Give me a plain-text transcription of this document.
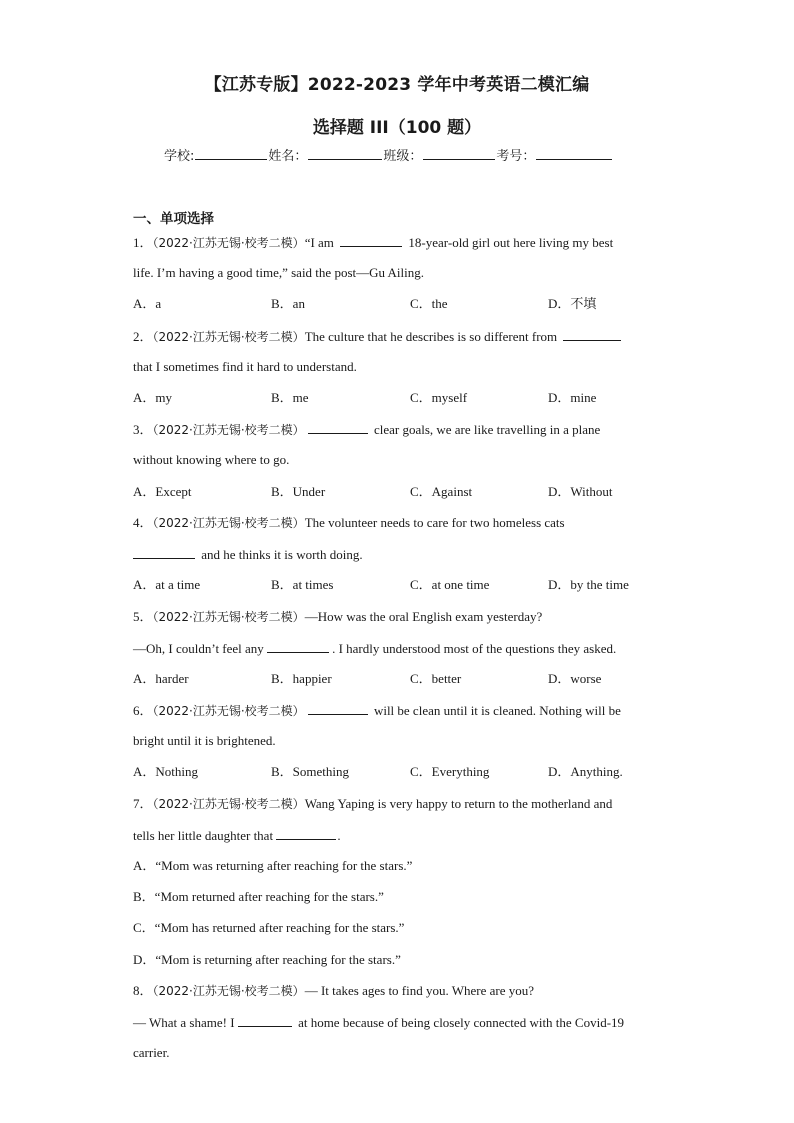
【江苏专版】2022-2023 学年中考英语二模汇编
选择题 III（100 题）
学校:	姓名：	班级：	考号：
一、单项选择
1．（2022·江苏无锡·校考二模）“I am	18-year-old girl out here living my best
life. I’m having a good time,” said the post—Gu Ailing.
A．a	B．an	C．the	D．不填
2．（2022·江苏无锡·校考二模）The culture that he describes is so different from
that I sometimes find it hard to understand.
A．my	B．me	C．myself	D．mine
3．（2022·江苏无锡·校考二模）	clear goals, we are like travelling in a plane
without knowing where to go.
A．Except	B．Under	C．Against	D．Without
4．（2022·江苏无锡·校考二模）The volunteer needs to care for two homeless cats
and he thinks it is worth doing.
A．at a time	B．at times	C．at one time	D．by the time
5．（2022·江苏无锡·校考二模）—How was the oral English exam yesterday?
—Oh, I couldn’t feel any	. I hardly understood most of the questions they asked.
A．harder	B．happier	C．better	D．worse
6．（2022·江苏无锡·校考二模）	will be clean until it is cleaned. Nothing will be
bright until it is brightened.
A．Nothing	B．Something	C．Everything	D．Anything.
7．（2022·江苏无锡·校考二模）Wang Yaping is very happy to return to the motherland and
tells her little daughter that	.
A．“Mom was returning after reaching for the stars.”
B．“Mom returned after reaching for the stars.”
C．“Mom has returned after reaching for the stars.”
D．“Mom is returning after reaching for the stars.”
8．（2022·江苏无锡·校考二模）— It takes ages to find you. Where are you?
— What a shame! I	at home because of being closely connected with the Covid-19
carrier.
